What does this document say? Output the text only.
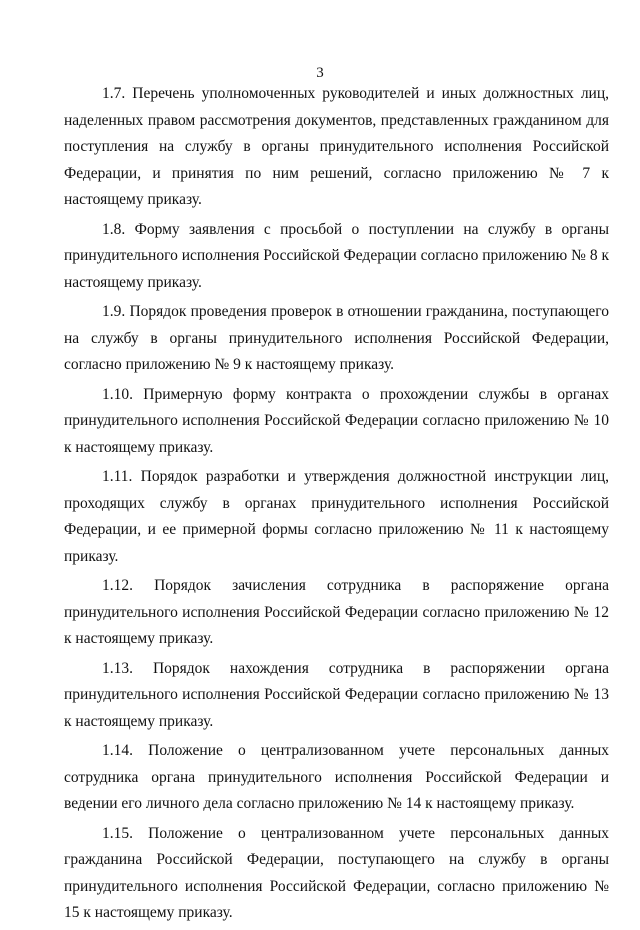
3

1.7. Перечень уполномоченных руководителей и иных должностных лиц, наделенных правом рассмотрения документов, представленных гражданином для поступления на службу в органы принудительного исполнения Российской Федерации, и принятия по ним решений, согласно приложению № 7 к настоящему приказу.

1.8. Форму заявления с просьбой о поступлении на службу в органы принудительного исполнения Российской Федерации согласно приложению № 8 к настоящему приказу.

1.9. Порядок проведения проверок в отношении гражданина, поступающего на службу в органы принудительного исполнения Российской Федерации, согласно приложению № 9 к настоящему приказу.

1.10. Примерную форму контракта о прохождении службы в органах принудительного исполнения Российской Федерации согласно приложению № 10 к настоящему приказу.

1.11. Порядок разработки и утверждения должностной инструкции лиц, проходящих службу в органах принудительного исполнения Российской Федерации, и ее примерной формы согласно приложению № 11 к настоящему приказу.

1.12. Порядок зачисления сотрудника в распоряжение органа принудительного исполнения Российской Федерации согласно приложению № 12 к настоящему приказу.

1.13. Порядок нахождения сотрудника в распоряжении органа принудительного исполнения Российской Федерации согласно приложению № 13 к настоящему приказу.

1.14. Положение о централизованном учете персональных данных сотрудника органа принудительного исполнения Российской Федерации и ведении его личного дела согласно приложению № 14 к настоящему приказу.

1.15. Положение о централизованном учете персональных данных гражданина Российской Федерации, поступающего на службу в органы принудительного исполнения Российской Федерации, согласно приложению № 15 к настоящему приказу.
